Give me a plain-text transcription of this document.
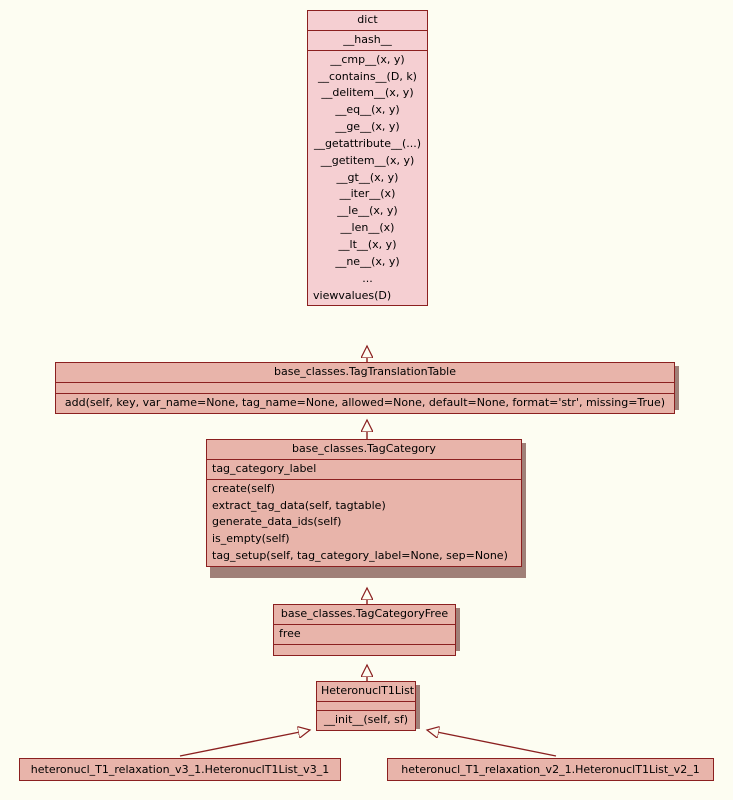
dict
__hash__
__cmp__(x, y)
__contains__(D, k)
__delitem__(x, y)
__eq__(x, y)
__ge__(x, y)
__getattribute__(...)
__getitem__(x, y)
__gt__(x, y)
__iter__(x)
__le__(x, y)
__len__(x)
__lt__(x, y)
__ne__(x, y)
...
viewvalues(D)
base_classes.TagTranslationTable
add(self, key, var_name=None, tag_name=None, allowed=None, default=None, format='str', missing=True)
base_classes.TagCategory
tag_category_label
create(self)
extract_tag_data(self, tagtable)
generate_data_ids(self)
is_empty(self)
tag_setup(self, tag_category_label=None, sep=None)
base_classes.TagCategoryFree
free
HeteronuclT1List
__init__(self, sf)
heteronucl_T1_relaxation_v3_1.HeteronuclT1List_v3_1	heteronucl_T1_relaxation_v2_1.HeteronuclT1List_v2_1
